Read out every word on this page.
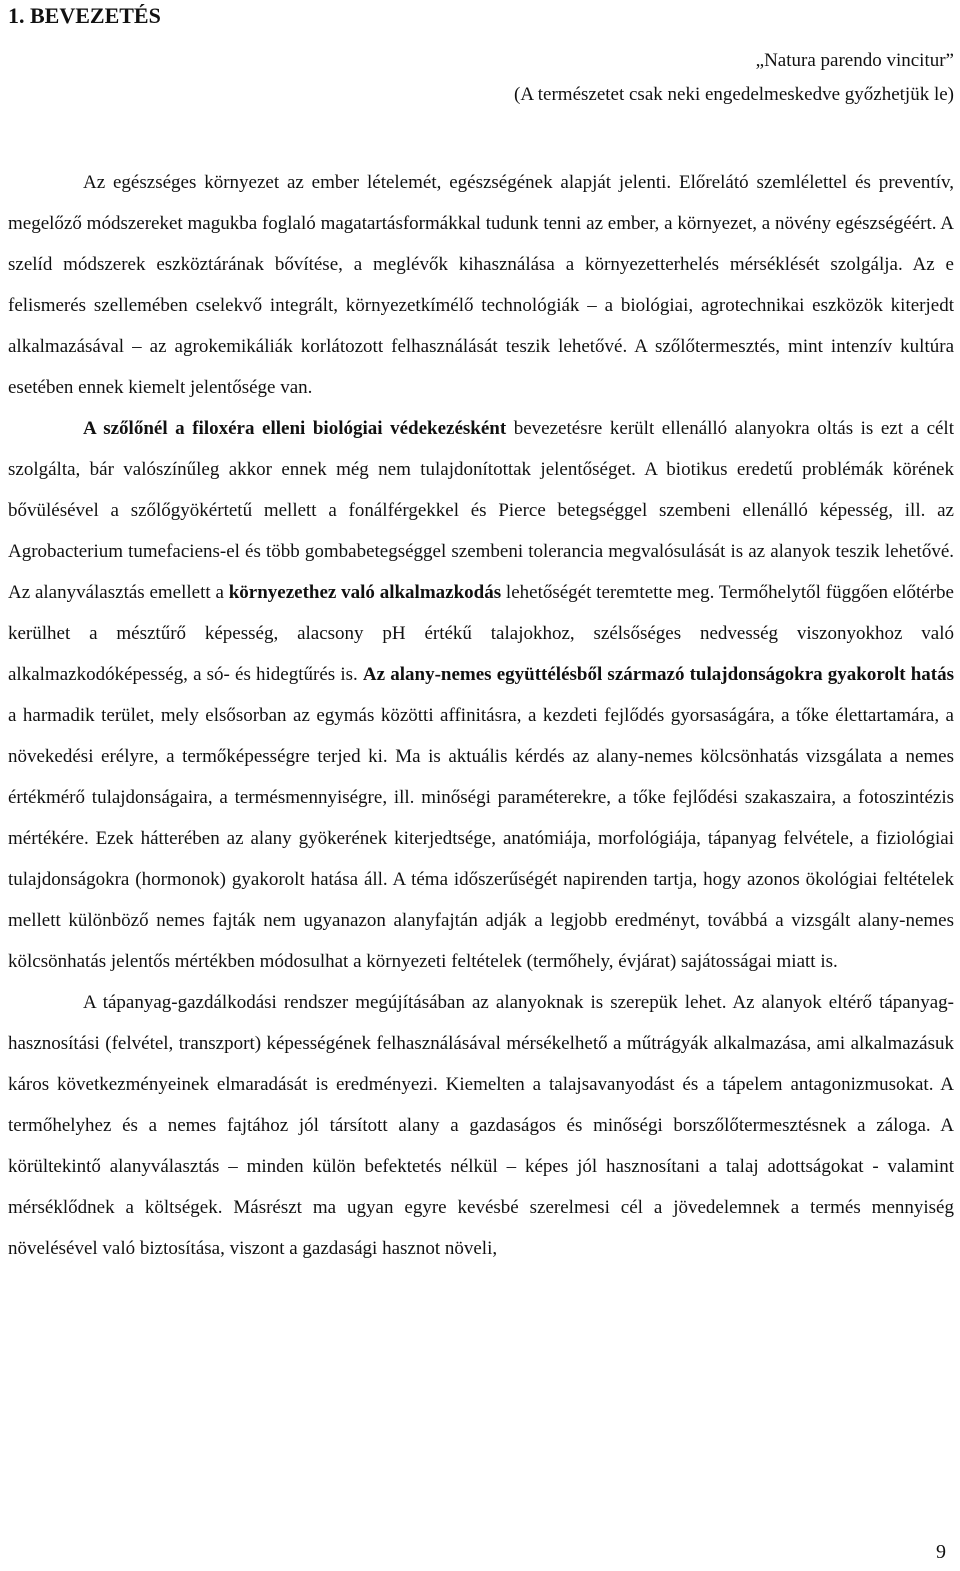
1. BEVEZETÉS
„Natura parendo vincitur”
(A természetet csak neki engedelmeskedve győzhetjük le)

Az egészséges környezet az ember lételemét, egészségének alapját jelenti. Előrelátó szemlélettel és preventív, megelőző módszereket magukba foglaló magatartásformákkal tudunk tenni az ember, a környezet, a növény egészségéért. A szelíd módszerek eszköztárának bővítése, a meglévők kihasználása a környezetterhelés mérséklését szolgálja. Az e felismerés szellemében cselekvő integrált, környezetkímélő technológiák – a biológiai, agrotechnikai eszközök kiterjedt alkalmazásával – az agrokemikáliák korlátozott felhasználását teszik lehetővé. A szőlőtermesztés, mint intenzív kultúra esetében ennek kiemelt jelentősége van.

A szőlőnél a filoxéra elleni biológiai védekezésként bevezetésre került ellenálló alanyokra oltás is ezt a célt szolgálta, bár valószínűleg akkor ennek még nem tulajdonítottak jelentőséget. A biotikus eredetű problémák körének bővülésével a szőlőgyökértetű mellett a fonálférgekkel és Pierce betegséggel szembeni ellenálló képesség, ill. az Agrobacterium tumefaciens-el és több gombabetegséggel szembeni tolerancia megvalósulását is az alanyok teszik lehetővé. Az alanyválasztás emellett a környezethez való alkalmazkodás lehetőségét teremtette meg. Termőhelytől függően előtérbe kerülhet a mésztűrő képesség, alacsony pH értékű talajokhoz, szélsőséges nedvesség viszonyokhoz való alkalmazkodóképesség, a só- és hidegtűrés is. Az alany-nemes együttélésből származó tulajdonságokra gyakorolt hatás a harmadik terület, mely elsősorban az egymás közötti affinitásra, a kezdeti fejlődés gyorsaságára, a tőke élettartamára, a növekedési erélyre, a termőképességre terjed ki. Ma is aktuális kérdés az alany-nemes kölcsönhatás vizsgálata a nemes értékmérő tulajdonságaira, a termésmennyiségre, ill. minőségi paraméterekre, a tőke fejlődési szakaszaira, a fotoszintézis mértékére. Ezek hátterében az alany gyökerének kiterjedtsége, anatómiája, morfológiája, tápanyag felvétele, a fiziológiai tulajdonságokra (hormonok) gyakorolt hatása áll. A téma időszerűségét napirenden tartja, hogy azonos ökológiai feltételek mellett különböző nemes fajták nem ugyanazon alanyfajtán adják a legjobb eredményt, továbbá a vizsgált alany-nemes kölcsönhatás jelentős mértékben módosulhat a környezeti feltételek (termőhely, évjárat) sajátosságai miatt is.

A tápanyag-gazdálkodási rendszer megújításában az alanyoknak is szerepük lehet. Az alanyok eltérő tápanyag-hasznosítási (felvétel, transzport) képességének felhasználásával mérsékelhető a műtrágyák alkalmazása, ami alkalmazásuk káros következményeinek elmaradását is eredményezi. Kiemelten a talajsavanyodást és a tápelem antagonizmusokat. A termőhelyhez és a nemes fajtához jól társított alany a gazdaságos és minőségi borszőlőtermesztésnek a záloga. A körültekintő alanyválasztás – minden külön befektetés nélkül – képes jól hasznosítani a talaj adottságokat - valamint mérséklődnek a költségek. Másrészt ma ugyan egyre kevésbé szerelmesi cél a jövedelemnek a termés mennyiség növelésével való biztosítása, viszont a gazdasági hasznot növeli,

9
